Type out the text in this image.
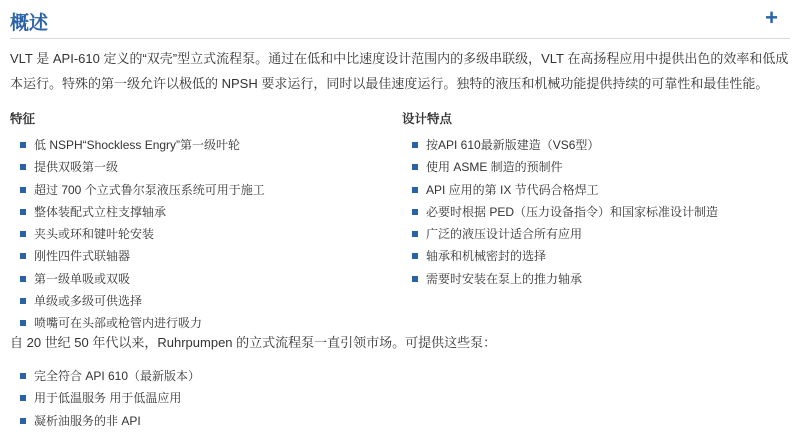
概述	+
VLT 是 API-610 定义的“双壳”型立式流程泵。通过在低和中比速度设计范围内的多级串联级，VLT 在高扬程应用中提供出色的效率和低成本运行。特殊的第一级允许以极低的 NPSH 要求运行，同时以最佳速度运行。独特的液压和机械功能提供持续的可靠性和最佳性能。
特征
低 NSPH“Shockless Engry”第一级叶轮
提供双吸第一级
超过 700 个立式鲁尔泵液压系统可用于施工
整体装配式立柱支撑轴承
夹头或环和键叶轮安装
刚性四件式联轴器
第一级单吸或双吸
单级或多级可供选择
喷嘴可在头部或枪管内进行吸力
设计特点
按API 610最新版建造（VS6型）
使用 ASME 制造的预制件
API 应用的第 IX 节代码合格焊工
必要时根据 PED（压力设备指令）和国家标准设计制造
广泛的液压设计适合所有应用
轴承和机械密封的选择
需要时安装在泵上的推力轴承
自 20 世纪 50 年代以来，Ruhrpumpen 的立式流程泵一直引领市场。可提供这些泵：
完全符合 API 610（最新版本）
用于低温服务 用于低温应用
凝析油服务的非 API
